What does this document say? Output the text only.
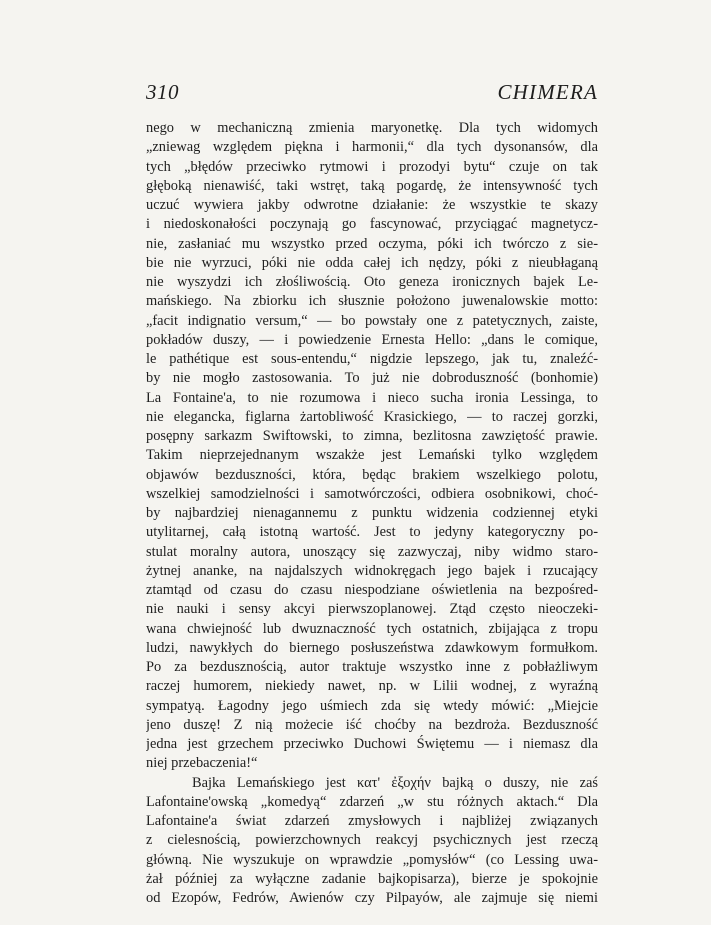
310	CHIMERA
nego w mechaniczną zmienia maryonetkę. Dla tych widomych
„zniewag względem piękna i harmonii,“ dla tych dysonansów, dla
tych „błędów przeciwko rytmowi i prozodyi bytu“ czuje on tak
głęboką nienawiść, taki wstręt, taką pogardę, że intensywność tych
uczuć wywiera jakby odwrotne działanie: że wszystkie te skazy
i niedoskonałości poczynają go fascynować, przyciągać magnetycz-
nie, zasłaniać mu wszystko przed oczyma, póki ich twórczo z sie-
bie nie wyrzuci, póki nie odda całej ich nędzy, póki z nieubłaganą
nie wyszydzi ich złośliwością. Oto geneza ironicznych bajek Le-
mańskiego. Na zbiorku ich słusznie położono juwenalowskie motto:
„facit indignatio versum,“ — bo powstały one z patetycznych, zaiste,
pokładów duszy, — i powiedzenie Ernesta Hello: „dans le comique,
le pathétique est sous-entendu,“ nigdzie lepszego, jak tu, znaleźć-
by nie mogło zastosowania. To już nie dobroduszność (bonhomie)
La Fontaine'a, to nie rozumowa i nieco sucha ironia Lessinga, to
nie elegancka, figlarna żartobliwość Krasickiego, — to raczej gorzki,
posępny sarkazm Swiftowski, to zimna, bezlitosna zawziętość prawie.
Takim nieprzejednanym wszakże jest Lemański tylko względem
objawów bezduszności, która, będąc brakiem wszelkiego polotu,
wszelkiej samodzielności i samotwórczości, odbiera osobnikowi, choć-
by najbardziej nienagannemu z punktu widzenia codziennej etyki
utylitarnej, całą istotną wartość. Jest to jedyny kategoryczny po-
stulat moralny autora, unoszący się zazwyczaj, niby widmo staro-
żytnej ananke, na najdalszych widnokręgach jego bajek i rzucający
ztamtąd od czasu do czasu niespodziane oświetlenia na bezpośred-
nie nauki i sensy akcyi pierwszoplanowej. Ztąd często nieoczeki-
wana chwiejność lub dwuznaczność tych ostatnich, zbijająca z tropu
ludzi, nawykłych do biernego posłuszeństwa zdawkowym formułkom.
Po za bezdusznością, autor traktuje wszystko inne z pobłażliwym
raczej humorem, niekiedy nawet, np. w Lilii wodnej, z wyraźną
sympatyą. Łagodny jego uśmiech zda się wtedy mówić: „Miejcie
jeno duszę! Z nią możecie iść choćby na bezdroża. Bezduszność
jedna jest grzechem przeciwko Duchowi Świętemu — i niemasz dla
niej przebaczenia!“
Bajka Lemańskiego jest κατ' ἐξοχήν bajką o duszy, nie zaś
Lafontaine'owską „komedyą“ zdarzeń „w stu różnych aktach.“ Dla
Lafontaine'a świat zdarzeń zmysłowych i najbliżej związanych
z cielesnością, powierzchownych reakcyj psychicznych jest rzeczą
główną. Nie wyszukuje on wprawdzie „pomysłów“ (co Lessing uwa-
żał później za wyłączne zadanie bajkopisarza), bierze je spokojnie
od Ezopów, Fedrów, Awienów czy Pilpayów, ale zajmuje się niemi
